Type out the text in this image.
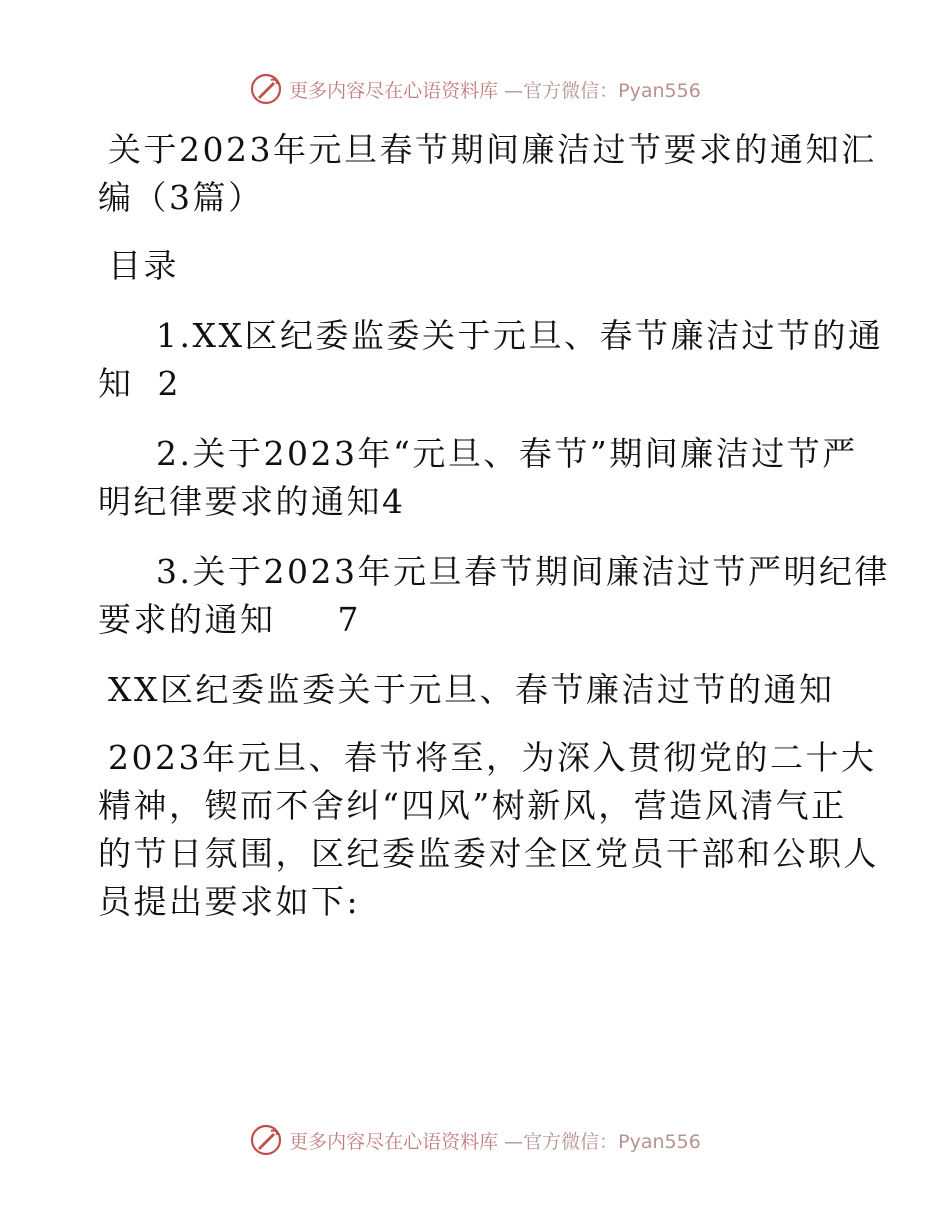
更多内容尽在心语资料库 —官方微信：Pyan556
关于2023年元旦春节期间廉洁过节要求的通知汇
编（3篇）
目录
1.XX区纪委监委关于元旦、春节廉洁过节的通
知 2
2.关于2023年“元旦、春节”期间廉洁过节严
明纪律要求的通知4
3.关于2023年元旦春节期间廉洁过节严明纪律
要求的通知 7
XX区纪委监委关于元旦、春节廉洁过节的通知
2023年元旦、春节将至，为深入贯彻党的二十大
精神，锲而不舍纠“四风”树新风，营造风清气正
的节日氛围，区纪委监委对全区党员干部和公职人
员提出要求如下:
更多内容尽在心语资料库 —官方微信：Pyan556
